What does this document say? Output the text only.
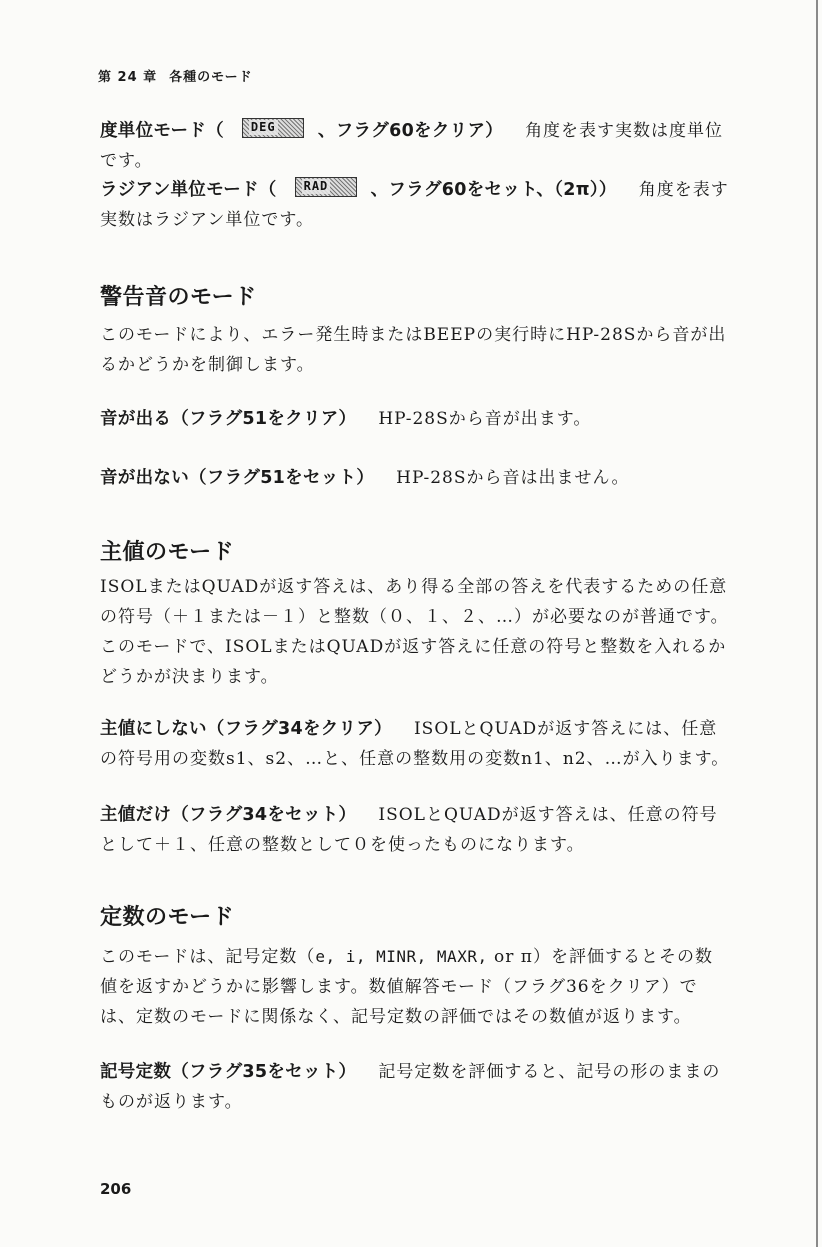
第 24 章 各種のモード
度単位モード（ DEG 、フラグ60をクリア） 角度を表す実数は度単位です。
ラジアン単位モード（ RAD 、フラグ60をセット、（2π）） 角度を表す実数はラジアン単位です。
警告音のモード
このモードにより、エラー発生時またはBEEPの実行時にHP-28Sから音が出るかどうかを制御します。
音が出る（フラグ51をクリア） HP-28Sから音が出ます。
音が出ない（フラグ51をセット） HP-28Sから音は出ません。
主値のモード
ISOLまたはQUADが返す答えは、あり得る全部の答えを代表するための任意の符号（＋１または－１）と整数（０、１、２、…）が必要なのが普通です。このモードで、ISOLまたはQUADが返す答えに任意の符号と整数を入れるかどうかが決まります。
主値にしない（フラグ34をクリア） ISOLとQUADが返す答えには、任意の符号用の変数s1、s2、…と、任意の整数用の変数n1、n2、…が入ります。
主値だけ（フラグ34をセット） ISOLとQUADが返す答えは、任意の符号として＋１、任意の整数として０を使ったものになります。
定数のモード
このモードは、記号定数（e, i, MINR, MAXR, or π）を評価するとその数値を返すかどうかに影響します。数値解答モード（フラグ36をクリア）では、定数のモードに関係なく、記号定数の評価ではその数値が返ります。
記号定数（フラグ35をセット） 記号定数を評価すると、記号の形のままのものが返ります。
206
